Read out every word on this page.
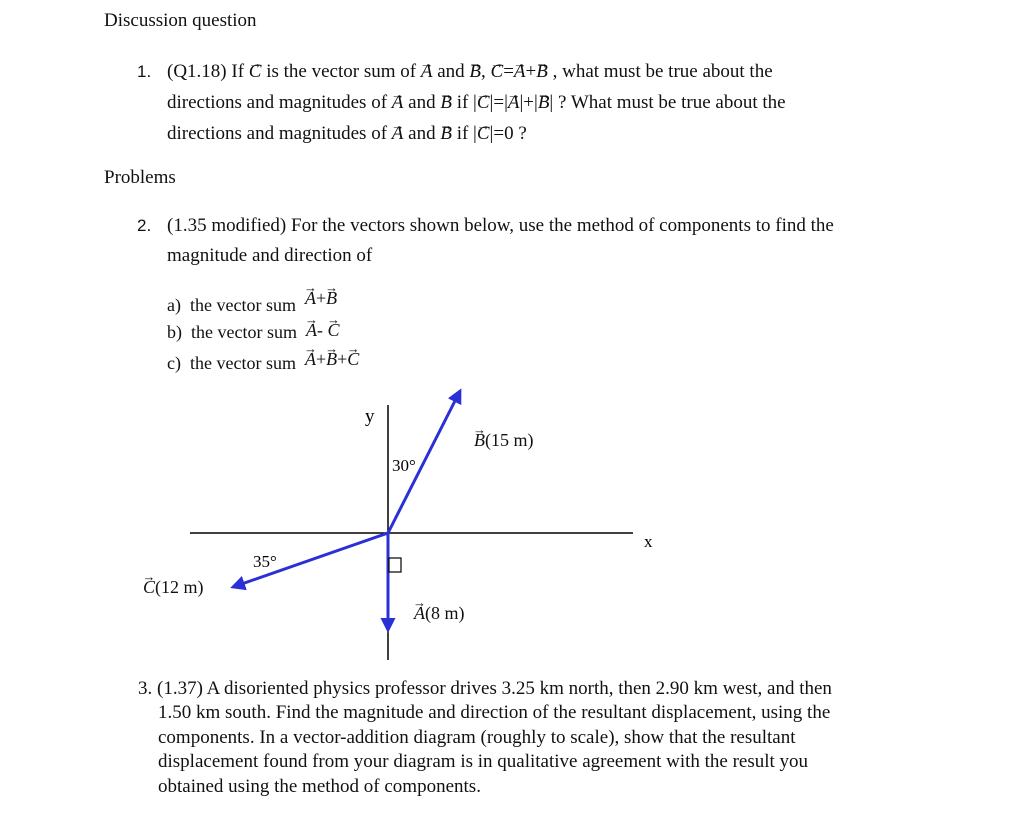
Discussion question
1. (Q1.18) If → C is the vector sum of → A and → B, → C=→ A+→ B , what must be true about the
directions and magnitudes of → A and → B if |→ C|=|→ A|+|→ B| ? What must be true about the
directions and magnitudes of → A and → B if |→ C|=0 ?
Problems
2. (1.35 modified) For the vectors shown below, use the method of components to find the
magnitude and direction of
a) the vector sum → A+→ B
b) the vector sum → A- → C
c) the vector sum → A+→ B+→ C
y
x
30°
35°
→ B(15 m)
→ C(12 m)
→ A(8 m)
3. (1.37) A disoriented physics professor drives 3.25 km north, then 2.90 km west, and then
1.50 km south. Find the magnitude and direction of the resultant displacement, using the
components. In a vector-addition diagram (roughly to scale), show that the resultant
displacement found from your diagram is in qualitative agreement with the result you
obtained using the method of components.
